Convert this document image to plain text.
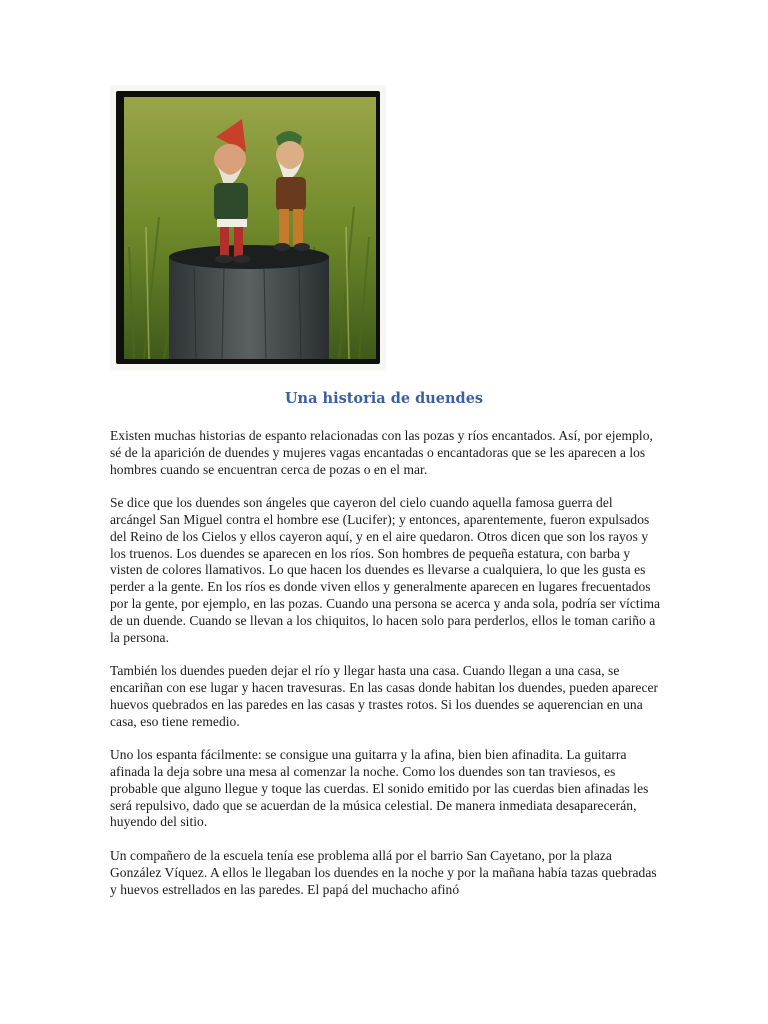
Una historia de duendes

Existen muchas historias de espanto relacionadas con las pozas y ríos encantados. Así, por ejemplo, sé de la aparición de duendes y mujeres vagas encantadas o encantadoras que se les aparecen a los hombres cuando se encuentran cerca de pozas o en el mar.

Se dice que los duendes son ángeles que cayeron del cielo cuando aquella famosa guerra del arcángel San Miguel contra el hombre ese (Lucifer); y entonces, aparentemente, fueron expulsados del Reino de los Cielos y ellos cayeron aquí, y en el aire quedaron. Otros dicen que son los rayos y los truenos. Los duendes se aparecen en los ríos. Son hombres de pequeña estatura, con barba y visten de colores llamativos. Lo que hacen los duendes es llevarse a cualquiera, lo que les gusta es perder a la gente. En los ríos es donde viven ellos y generalmente aparecen en lugares frecuentados por la gente, por ejemplo, en las pozas. Cuando una persona se acerca y anda sola, podría ser víctima de un duende. Cuando se llevan a los chiquitos, lo hacen solo para perderlos, ellos le toman cariño a la persona.

También los duendes pueden dejar el río y llegar hasta una casa. Cuando llegan a una casa, se encariñan con ese lugar y hacen travesuras. En las casas donde habitan los duendes, pueden aparecer huevos quebrados en las paredes en las casas y trastes rotos. Si los duendes se aquerencian en una casa, eso tiene remedio.

Uno los espanta fácilmente: se consigue una guitarra y la afina, bien bien afinadita. La guitarra afinada la deja sobre una mesa al comenzar la noche. Como los duendes son tan traviesos, es probable que alguno llegue y toque las cuerdas. El sonido emitido por las cuerdas bien afinadas les será repulsivo, dado que se acuerdan de la música celestial. De manera inmediata desaparecerán, huyendo del sitio.

Un compañero de la escuela tenía ese problema allá por el barrio San Cayetano, por la plaza González Víquez. A ellos le llegaban los duendes en la noche y por la mañana había tazas quebradas y huevos estrellados en las paredes. El papá del muchacho afinó
